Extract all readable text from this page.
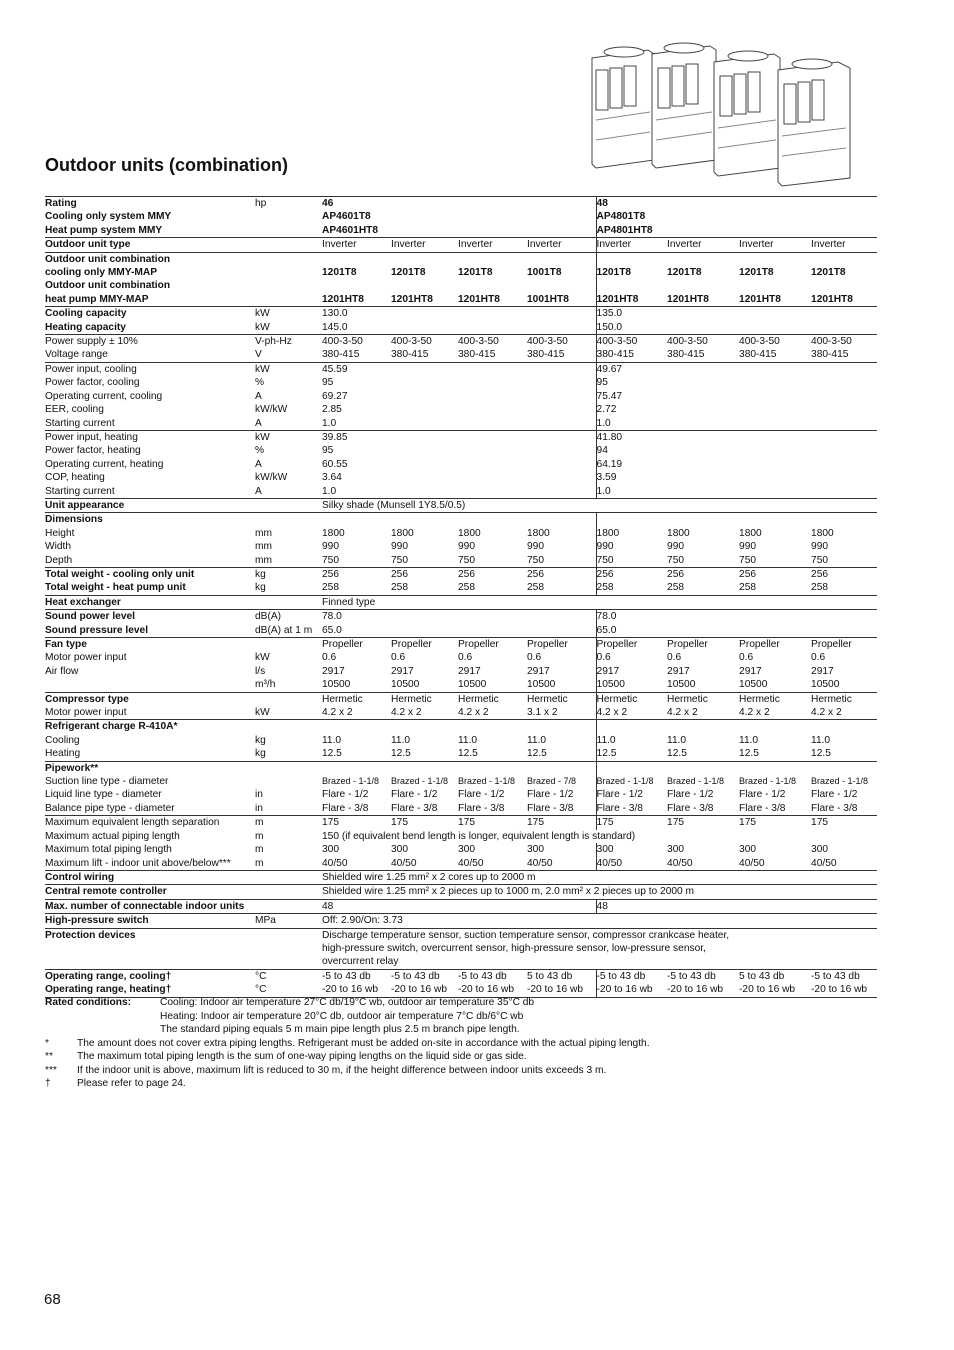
Outdoor units (combination)
Rating	hp	46				48			
Cooling only system MMY		AP4601T8				AP4801T8			
Heat pump system MMY		AP4601HT8				AP4801HT8			
Outdoor unit type		Inverter	Inverter	Inverter	Inverter	Inverter	Inverter	Inverter	Inverter
Outdoor unit combination									
cooling only MMY-MAP		1201T8	1201T8	1201T8	1001T8	1201T8	1201T8	1201T8	1201T8
Outdoor unit combination									
heat pump MMY-MAP		1201HT8	1201HT8	1201HT8	1001HT8	1201HT8	1201HT8	1201HT8	1201HT8
Cooling capacity	kW	130.0				135.0			
Heating capacity	kW	145.0				150.0			
Power supply ± 10%	V-ph-Hz	400-3-50	400-3-50	400-3-50	400-3-50	400-3-50	400-3-50	400-3-50	400-3-50
Voltage range	V	380-415	380-415	380-415	380-415	380-415	380-415	380-415	380-415
Power input, cooling	kW	45.59				49.67			
Power factor, cooling	%	95				95			
Operating current, cooling	A	69.27				75.47			
EER, cooling	kW/kW	2.85				2.72			
Starting current	A	1.0				1.0			
Power input, heating	kW	39.85				41.80			
Power factor, heating	%	95				94			
Operating current, heating	A	60.55				64.19			
COP, heating	kW/kW	3.64				3.59			
Starting current	A	1.0				1.0			
Unit appearance		Silky shade (Munsell 1Y8.5/0.5)							
Dimensions									
Height	mm	1800	1800	1800	1800	1800	1800	1800	1800
Width	mm	990	990	990	990	990	990	990	990
Depth	mm	750	750	750	750	750	750	750	750
Total weight - cooling only unit	kg	256	256	256	256	256	256	256	256
Total weight - heat pump unit	kg	258	258	258	258	258	258	258	258
Heat exchanger		Finned type							
Sound power level	dB(A)	78.0				78.0			
Sound pressure level	dB(A) at 1 m	65.0				65.0			
Fan type		Propeller	Propeller	Propeller	Propeller	Propeller	Propeller	Propeller	Propeller
Motor power input	kW	0.6	0.6	0.6	0.6	0.6	0.6	0.6	0.6
Air flow	l/s	2917	2917	2917	2917	2917	2917	2917	2917
	m³/h	10500	10500	10500	10500	10500	10500	10500	10500
Compressor type		Hermetic	Hermetic	Hermetic	Hermetic	Hermetic	Hermetic	Hermetic	Hermetic
Motor power input	kW	4.2 x 2	4.2 x 2	4.2 x 2	3.1 x 2	4.2 x 2	4.2 x 2	4.2 x 2	4.2 x 2
Refrigerant charge R-410A*									
Cooling	kg	11.0	11.0	11.0	11.0	11.0	11.0	11.0	11.0
Heating	kg	12.5	12.5	12.5	12.5	12.5	12.5	12.5	12.5
Pipework**									
Suction line type - diameter		Brazed - 1-1/8	Brazed - 1-1/8	Brazed - 1-1/8	Brazed - 7/8	Brazed - 1-1/8	Brazed - 1-1/8	Brazed - 1-1/8	Brazed - 1-1/8
Liquid line type - diameter	in	Flare - 1/2	Flare - 1/2	Flare - 1/2	Flare - 1/2	Flare - 1/2	Flare - 1/2	Flare - 1/2	Flare - 1/2
Balance pipe type - diameter	in	Flare - 3/8	Flare - 3/8	Flare - 3/8	Flare - 3/8	Flare - 3/8	Flare - 3/8	Flare - 3/8	Flare - 3/8
Maximum equivalent length separation	m	175	175	175	175	175	175	175	175
Maximum actual piping length	m	150 (if equivalent bend length is longer, equivalent length is standard)							
Maximum total piping length	m	300	300	300	300	300	300	300	300
Maximum lift - indoor unit above/below***	m	40/50	40/50	40/50	40/50	40/50	40/50	40/50	40/50
Control wiring		Shielded wire 1.25 mm² x 2 cores up to 2000 m							
Central remote controller		Shielded wire 1.25 mm² x 2 pieces up to 1000 m, 2.0 mm² x 2 pieces up to 2000 m							
Max. number of connectable indoor units		48				48			
High-pressure switch	MPa	Off: 2.90/On: 3.73							
Protection devices		Discharge temperature sensor, suction temperature sensor, compressor crankcase heater,							
		high-pressure switch, overcurrent sensor, high-pressure sensor, low-pressure sensor,							
		overcurrent relay							
Operating range, cooling†	°C	-5 to 43 db	-5 to 43 db	-5 to 43 db	5 to 43 db	-5 to 43 db	-5 to 43 db	5 to 43 db	-5 to 43 db
Operating range, heating†	°C	-20 to 16 wb	-20 to 16 wb	-20 to 16 wb	-20 to 16 wb	-20 to 16 wb	-20 to 16 wb	-20 to 16 wb	-20 to 16 wb
Rated conditions:	Cooling: Indoor air temperature 27°C db/19°C wb, outdoor air temperature 35°C db
Heating: Indoor air temperature 20°C db, outdoor air temperature 7°C db/6°C wb
The standard piping equals 5 m main pipe length plus 2.5 m branch pipe length.
*	The amount does not cover extra piping lengths. Refrigerant must be added on-site in accordance with the actual piping length.
**	The maximum total piping length is the sum of one-way piping lengths on the liquid side or gas side.
***	If the indoor unit is above, maximum lift is reduced to 30 m, if the height difference between indoor units exceeds 3 m.
†	Please refer to page 24.
68
